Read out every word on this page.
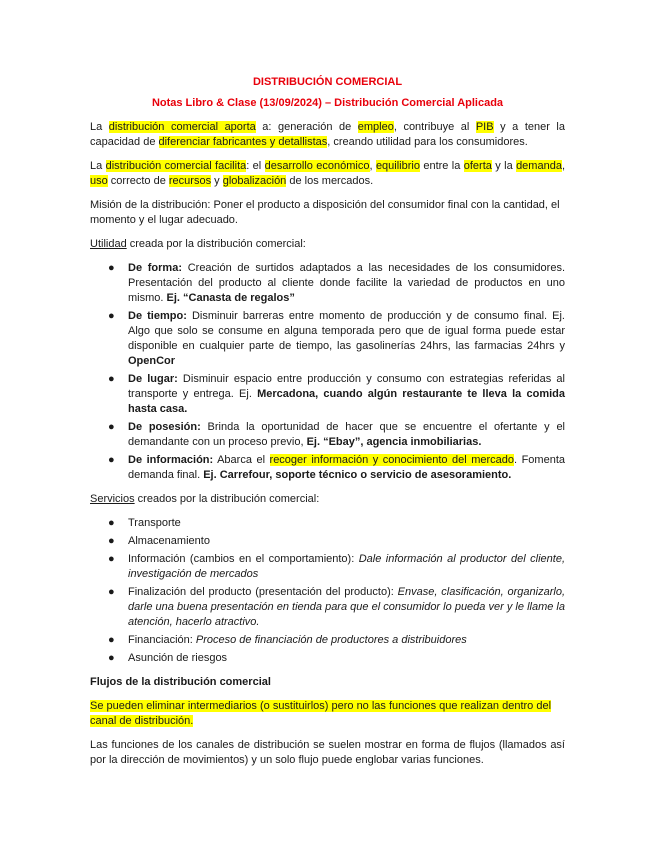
DISTRIBUCIÓN COMERCIAL
Notas Libro & Clase (13/09/2024) – Distribución Comercial Aplicada

La distribución comercial aporta a: generación de empleo, contribuye al PIB y a tener la capacidad de diferenciar fabricantes y detallistas, creando utilidad para los consumidores.

La distribución comercial facilita: el desarrollo económico, equilibrio entre la oferta y la demanda, uso correcto de recursos y globalización de los mercados.

Misión de la distribución: Poner el producto a disposición del consumidor final con la cantidad, el momento y el lugar adecuado.

Utilidad creada por la distribución comercial:

● De forma: Creación de surtidos adaptados a las necesidades de los consumidores. Presentación del producto al cliente donde facilite la variedad de productos en uno mismo. Ej. “Canasta de regalos”
● De tiempo: Disminuir barreras entre momento de producción y de consumo final. Ej. Algo que solo se consume en alguna temporada pero que de igual forma puede estar disponible en cualquier parte de tiempo, las gasolinerías 24hrs, las farmacias 24hrs y OpenCor
● De lugar: Disminuir espacio entre producción y consumo con estrategias referidas al transporte y entrega. Ej. Mercadona, cuando algún restaurante te lleva la comida hasta casa.
● De posesión: Brinda la oportunidad de hacer que se encuentre el ofertante y el demandante con un proceso previo, Ej. “Ebay”, agencia inmobiliarias.
● De información: Abarca el recoger información y conocimiento del mercado. Fomenta demanda final. Ej. Carrefour, soporte técnico o servicio de asesoramiento.

Servicios creados por la distribución comercial:

● Transporte
● Almacenamiento
● Información (cambios en el comportamiento): Dale información al productor del cliente, investigación de mercados
● Finalización del producto (presentación del producto): Envase, clasificación, organizarlo, darle una buena presentación en tienda para que el consumidor lo pueda ver y le llame la atención, hacerlo atractivo.
● Financiación: Proceso de financiación de productores a distribuidores
● Asunción de riesgos
Flujos de la distribución comercial

Se pueden eliminar intermediarios (o sustituirlos) pero no las funciones que realizan dentro del canal de distribución.

Las funciones de los canales de distribución se suelen mostrar en forma de flujos (llamados así por la dirección de movimientos) y un solo flujo puede englobar varias funciones.
